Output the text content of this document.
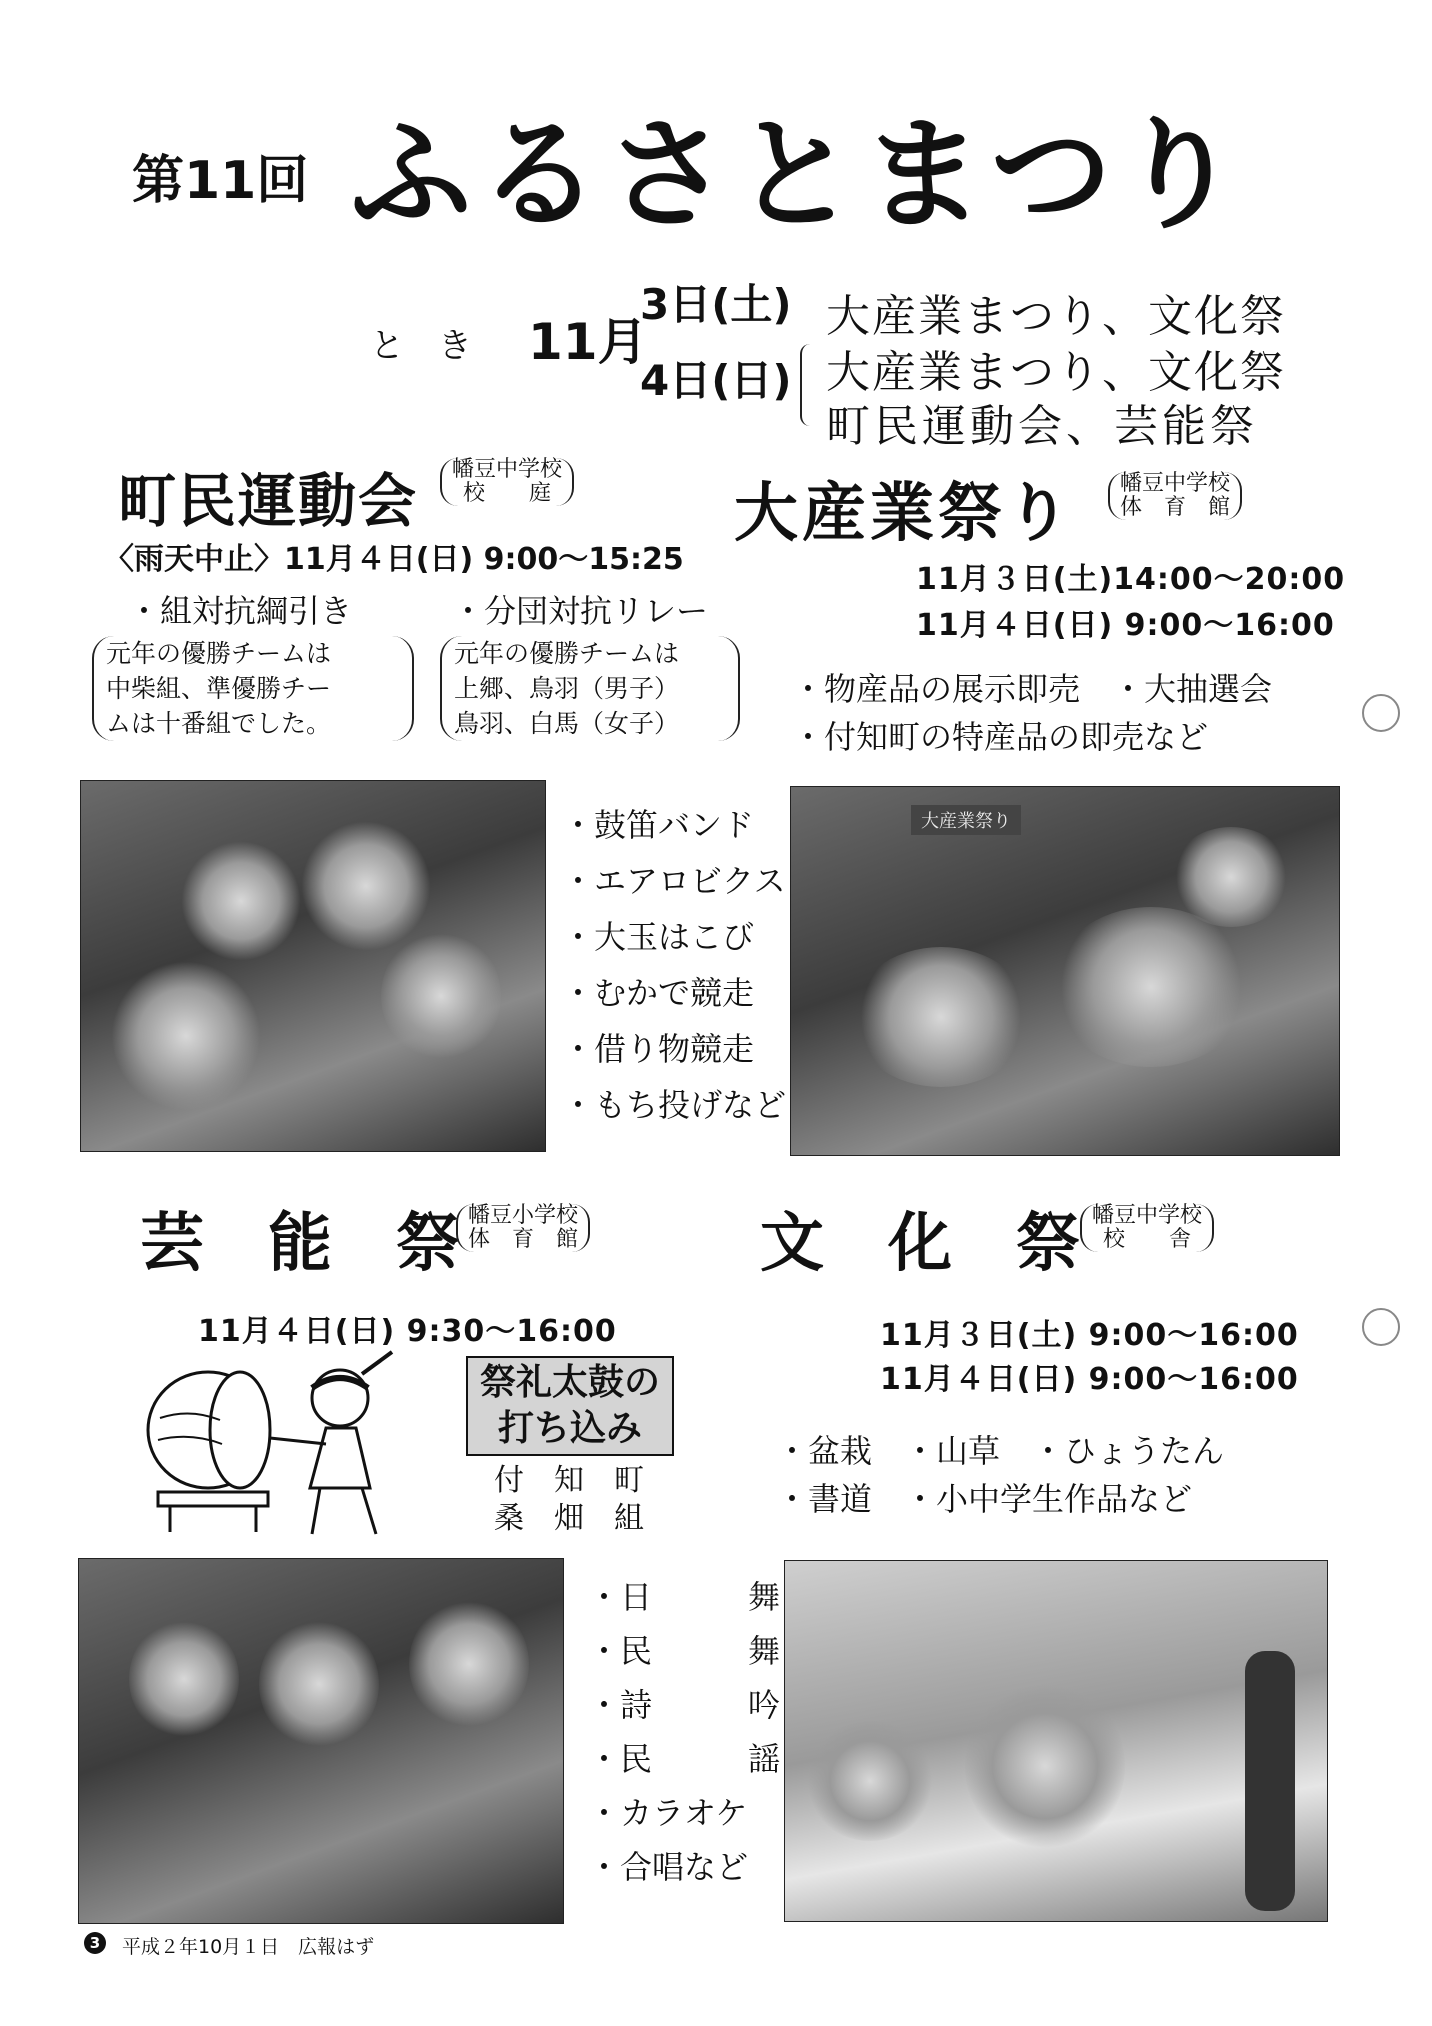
第11回 ふるさとまつり
と　き 11月
3日(土) 大産業まつり、文化祭
4日(日) 大産業まつり、文化祭
町民運動会、芸能祭
町民運動会 幡豆中学校
校　　庭
〈雨天中止〉11月４日(日) 9:00～15:25
・組対抗綱引き	・分団対抗リレー
元年の優勝チームは
中柴組、準優勝チー
ムは十番組でした。
元年の優勝チームは
上郷、鳥羽（男子）
鳥羽、白馬（女子）
大産業祭り 幡豆中学校
体　育　館
11月３日(土)14:00～20:00
11月４日(日) 9:00～16:00
・物産品の展示即売　・大抽選会
・付知町の特産品の即売など
・鼓笛バンド
・エアロビクス
・大玉はこび
・むかで競走
・借り物競走
・もち投げなど
大産業祭り
芸　能　祭 幡豆小学校
体　育　館
11月４日(日) 9:30～16:00
祭礼太鼓の
打ち込み
付　知　町
桑　畑　組
文　化　祭 幡豆中学校
校　　舎
11月３日(土) 9:00～16:00
11月４日(日) 9:00～16:00
・盆栽　・山草　・ひょうたん
・書道　・小中学生作品など
・日　　　舞
・民　　　舞
・詩　　　吟
・民　　　謡
・カラオケ
・合唱など
3	平成２年10月１日　広報はず
